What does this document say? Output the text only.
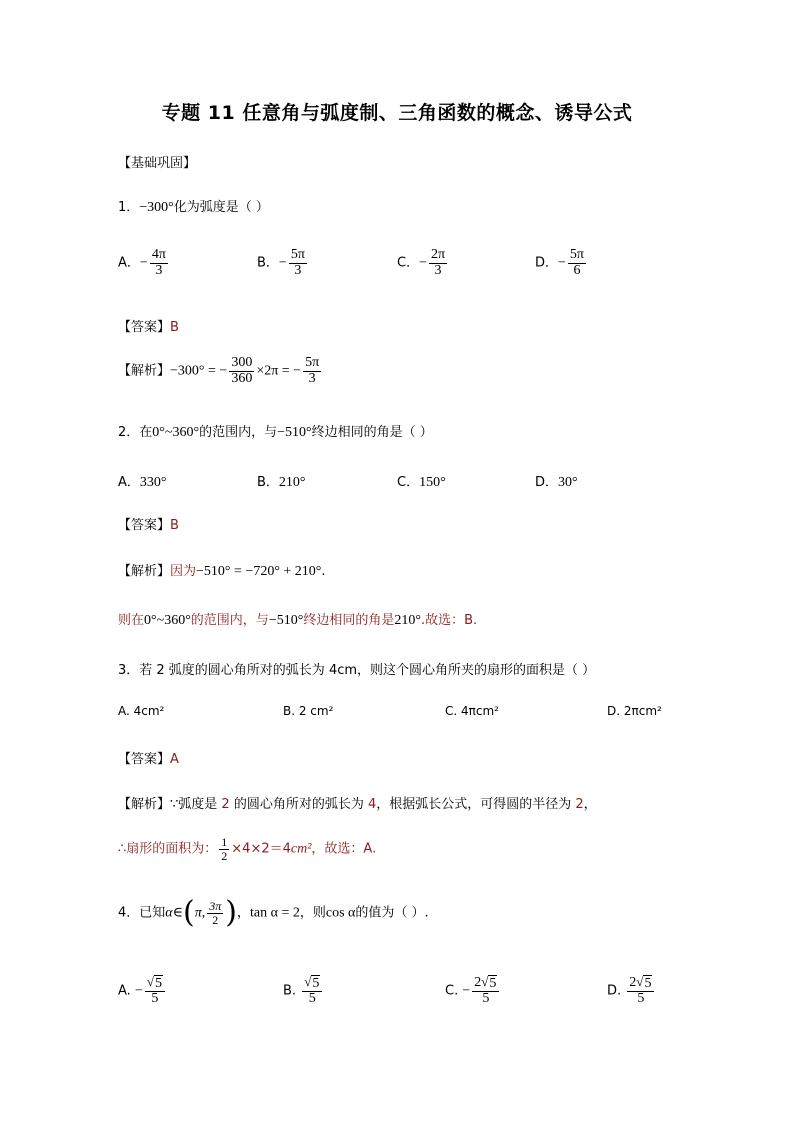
专题 11 任意角与弧度制、三角函数的概念、诱导公式
【基础巩固】
1．−300°化为弧度是（ ）
A．− $\frac{4\pi}{3}$	B．− $\frac{5\pi}{3}$	C．− $\frac{2\pi}{3}$	D．− $\frac{5\pi}{6}$
【答案】B
【解析】−300° = − $\frac{300}{360} \times 2\pi$ = − $\frac{5\pi}{3}$
2．在0°~360°的范围内，与−510°终边相同的角是（ ）
A．330°	B．210°	C．150°	D．30°
【答案】B
【解析】因为−510° = −720° + 210°.
则在0°~360°的范围内，与−510°终边相同的角是210°.故选：B.
3．若 2 弧度的圆心角所对的弧长为 4cm，则这个圆心角所夹的扇形的面积是（ ）
A. 4cm²	B. 2 cm²	C. 4πcm²	D. 2πcm²
【答案】A
【解析】∵弧度是 2 的圆心角所对的弧长为 4，根据弧长公式，可得圆的半径为 2，
∴扇形的面积为： $\frac{1}{2} \times 4\times 2=4cm^2$，故选：A.
4．已知α∈(π, $\frac{3\pi}{2}$ )，tan α = 2，则cos α的值为（ ）.
A. − $\frac{√ 5}{5}$	B. $\frac{√ 5}{5}$	C. − $\frac{2 √ 5}{5}$	D. $\frac{2 √ 5}{5}$
